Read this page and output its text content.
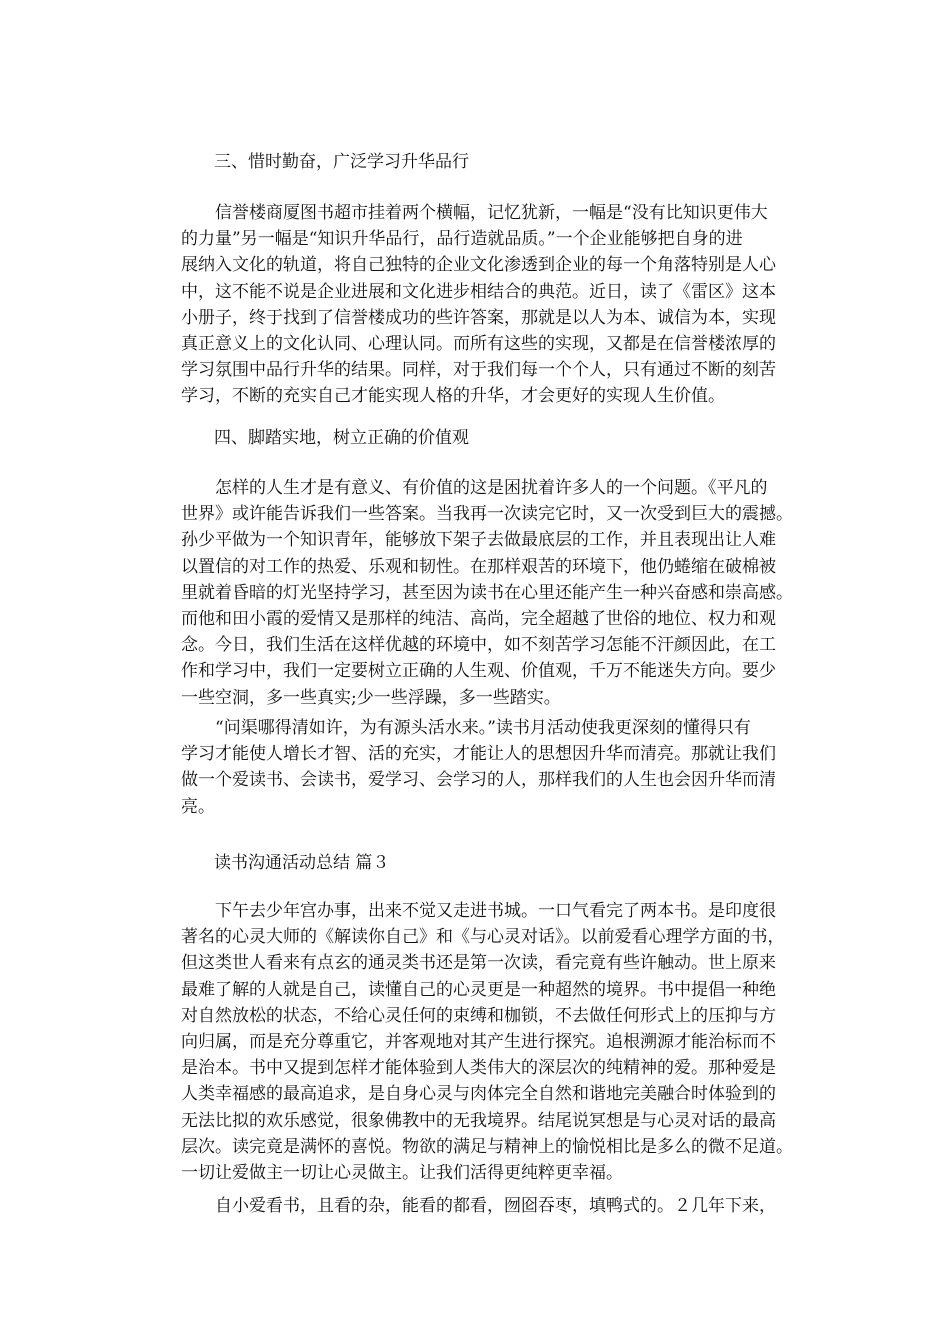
三、惜时勤奋，广泛学习升华品行
信誉楼商厦图书超市挂着两个横幅，记忆犹新，一幅是“没有比知识更伟大
的力量”另一幅是“知识升华品行，品行造就品质。”一个企业能够把自身的进
展纳入文化的轨道，将自己独特的企业文化渗透到企业的每一个角落特别是人心
中，这不能不说是企业进展和文化进步相结合的典范。近日，读了《雷区》这本
小册子，终于找到了信誉楼成功的些许答案，那就是以人为本、诚信为本，实现
真正意义上的文化认同、心理认同。而所有这些的实现，又都是在信誉楼浓厚的
学习氛围中品行升华的结果。同样，对于我们每一个个人，只有通过不断的刻苦
学习，不断的充实自己才能实现人格的升华，才会更好的实现人生价值。
四、脚踏实地，树立正确的价值观
怎样的人生才是有意义、有价值的这是困扰着许多人的一个问题。《平凡的
世界》或许能告诉我们一些答案。当我再一次读完它时，又一次受到巨大的震撼。
孙少平做为一个知识青年，能够放下架子去做最底层的工作，并且表现出让人难
以置信的对工作的热爱、乐观和韧性。在那样艰苦的环境下，他仍蜷缩在破棉被
里就着昏暗的灯光坚持学习，甚至因为读书在心里还能产生一种兴奋感和崇高感。
而他和田小霞的爱情又是那样的纯洁、高尚，完全超越了世俗的地位、权力和观
念。今日，我们生活在这样优越的环境中，如不刻苦学习怎能不汗颜因此，在工
作和学习中，我们一定要树立正确的人生观、价值观，千万不能迷失方向。要少
一些空洞，多一些真实;少一些浮躁，多一些踏实。
“问渠哪得清如许，为有源头活水来。”读书月活动使我更深刻的懂得只有
学习才能使人增长才智、活的充实，才能让人的思想因升华而清亮。那就让我们
做一个爱读书、会读书，爱学习、会学习的人，那样我们的人生也会因升华而清
亮。
读书沟通活动总结 篇３
下午去少年宫办事，出来不觉又走进书城。一口气看完了两本书。是印度很
著名的心灵大师的《解读你自己》和《与心灵对话》。以前爱看心理学方面的书，
但这类世人看来有点玄的通灵类书还是第一次读，看完竟有些许触动。世上原来
最难了解的人就是自己，读懂自己的心灵更是一种超然的境界。书中提倡一种绝
对自然放松的状态，不给心灵任何的束缚和枷锁，不去做任何形式上的压抑与方
向归属，而是充分尊重它，并客观地对其产生进行探究。追根溯源才能治标而不
是治本。书中又提到怎样才能体验到人类伟大的深层次的纯精神的爱。那种爱是
人类幸福感的最高追求，是自身心灵与肉体完全自然和谐地完美融合时体验到的
无法比拟的欢乐感觉，很象佛教中的无我境界。结尾说冥想是与心灵对话的最高
层次。读完竟是满怀的喜悦。物欲的满足与精神上的愉悦相比是多么的微不足道。
一切让爱做主一切让心灵做主。让我们活得更纯粹更幸福。
自小爱看书，且看的杂，能看的都看，囫囵吞枣，填鸭式的。２几年下来，
